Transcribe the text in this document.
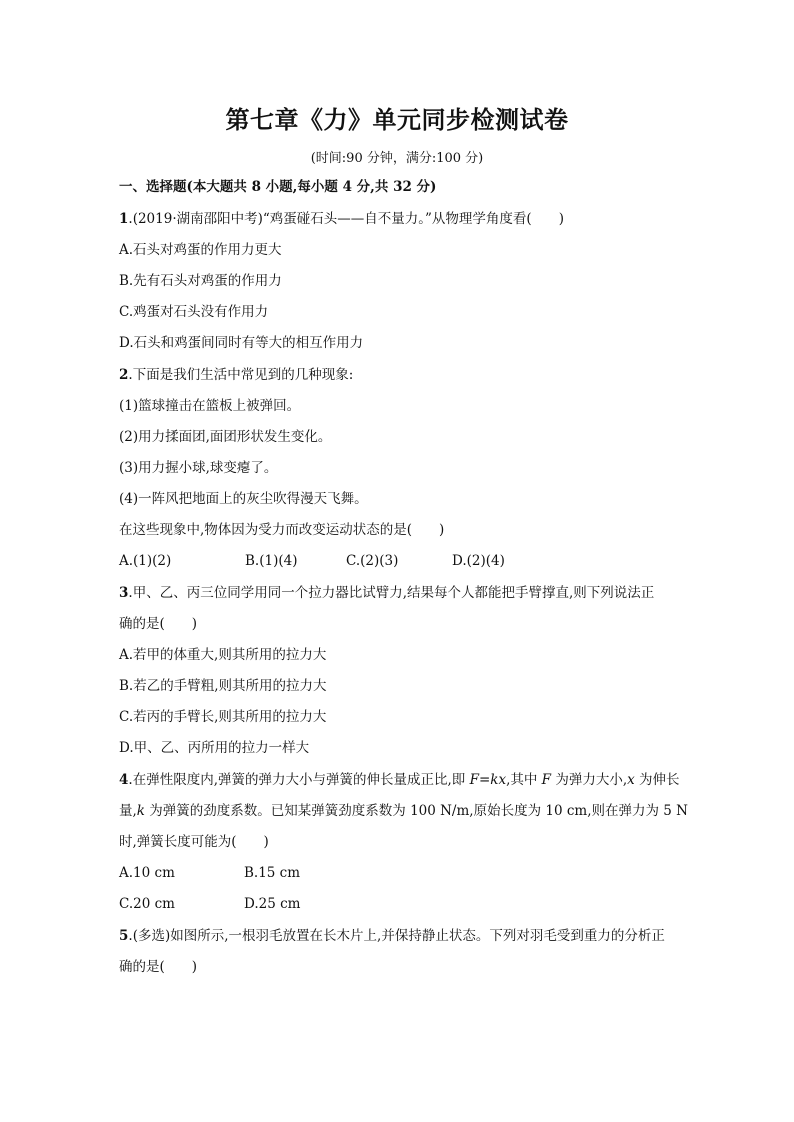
第七章《力》单元同步检测试卷
(时间:90 分钟，满分:100 分)
一、选择题(本大题共 8 小题,每小题 4 分,共 32 分)
1.(2019·湖南邵阳中考)“鸡蛋碰石头——自不量力。”从物理学角度看(　　)
A.石头对鸡蛋的作用力更大
B.先有石头对鸡蛋的作用力
C.鸡蛋对石头没有作用力
D.石头和鸡蛋间同时有等大的相互作用力
2.下面是我们生活中常见到的几种现象:
(1)篮球撞击在篮板上被弹回。
(2)用力揉面团,面团形状发生变化。
(3)用力握小球,球变瘪了。
(4)一阵风把地面上的灰尘吹得漫天飞舞。
在这些现象中,物体因为受力而改变运动状态的是(　　)
A.(1)(2)	B.(1)(4)	C.(2)(3)	D.(2)(4)
3.甲、乙、丙三位同学用同一个拉力器比试臂力,结果每个人都能把手臂撑直,则下列说法正
确的是(　　)
A.若甲的体重大,则其所用的拉力大
B.若乙的手臂粗,则其所用的拉力大
C.若丙的手臂长,则其所用的拉力大
D.甲、乙、丙所用的拉力一样大
4.在弹性限度内,弹簧的弹力大小与弹簧的伸长量成正比,即 F=kx,其中 F 为弹力大小,x 为伸长
量,k 为弹簧的劲度系数。已知某弹簧劲度系数为 100 N/m,原始长度为 10 cm,则在弹力为 5 N
时,弹簧长度可能为(　　)
A.10 cm	B.15 cm
C.20 cm	D.25 cm
5.(多选)如图所示,一根羽毛放置在长木片上,并保持静止状态。下列对羽毛受到重力的分析正
确的是(　　)
